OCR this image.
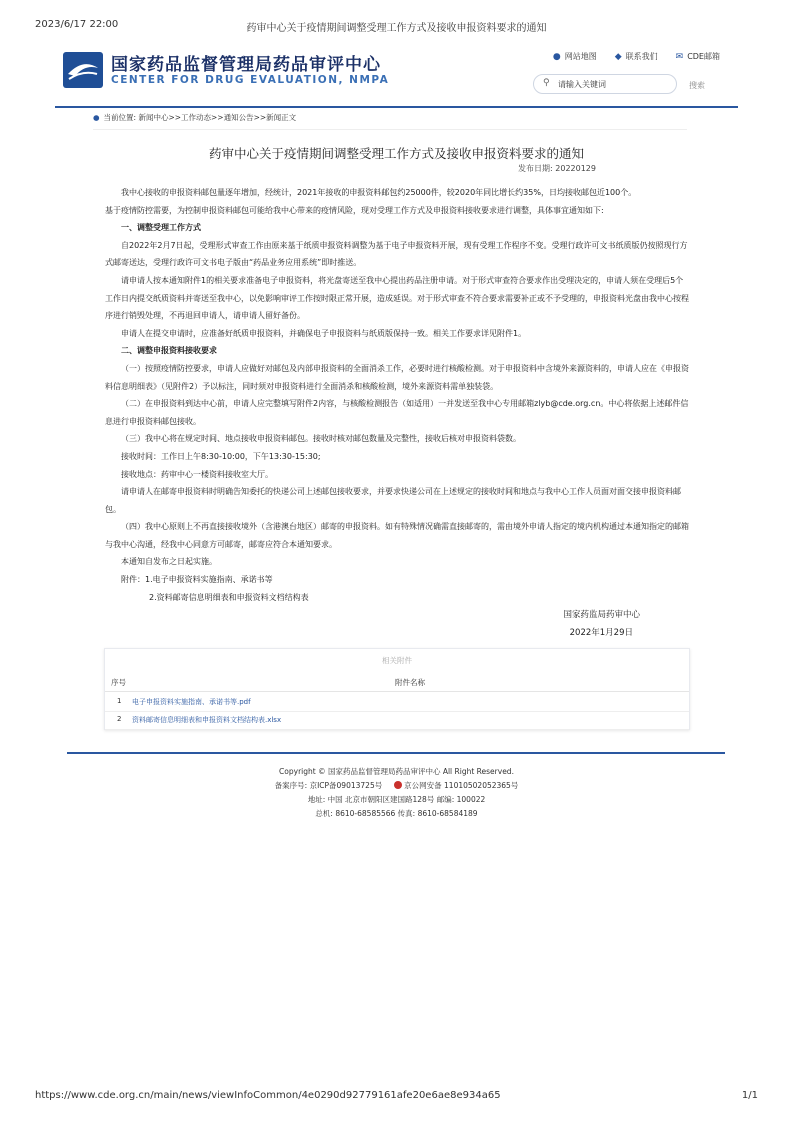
2023/6/17 22:00	药审中心关于疫情期间调整受理工作方式及接收申报资料要求的通知
国家药品监督管理局药品审评中心
CENTER FOR DRUG EVALUATION, NMPA
● 网站地图 ◆ 联系我们 ✉ CDE邮箱
⚲ 请输入关键词	搜索
● 当前位置: 新闻中心>>工作动态>>通知公告>>新闻正文
药审中心关于疫情期间调整受理工作方式及接收申报资料要求的通知
发布日期: 20220129

我中心接收的申报资料邮包量逐年增加，经统计，2021年接收的申报资料邮包约25000件，较2020年同比增长约35%，日均接收邮包近100个。

基于疫情防控需要，为控制申报资料邮包可能给我中心带来的疫情风险，现对受理工作方式及申报资料接收要求进行调整，具体事宜通知如下:

一、调整受理工作方式

自2022年2月7日起，受理形式审查工作由原来基于纸质申报资料调整为基于电子申报资料开展，现有受理工作程序不变。受理行政许可文书纸质版仍按照现行方式邮寄送达，受理行政许可文书电子版由“药品业务应用系统”即时推送。

请申请人按本通知附件1的相关要求准备电子申报资料，将光盘寄送至我中心提出药品注册申请。对于形式审查符合要求作出受理决定的，申请人须在受理后5个工作日内提交纸质资料并寄送至我中心，以免影响审评工作按时限正常开展，造成延误。对于形式审查不符合要求需要补正或不予受理的，申报资料光盘由我中心按程序进行销毁处理，不再退回申请人，请申请人留好备份。

申请人在提交申请时，应准备好纸质申报资料，并确保电子申报资料与纸质版保持一致。相关工作要求详见附件1。

二、调整申报资料接收要求

（一）按照疫情防控要求，申请人应做好对邮包及内部申报资料的全面消杀工作，必要时进行核酸检测。对于申报资料中含境外来源资料的，申请人应在《申报资料信息明细表》（见附件2）予以标注，同时须对申报资料进行全面消杀和核酸检测，境外来源资料需单独装袋。

（二）在申报资料到达中心前，申请人应完整填写附件2内容，与核酸检测报告（如适用）一并发送至我中心专用邮箱zlyb@cde.org.cn。中心将依据上述邮件信息进行申报资料邮包接收。

（三）我中心将在规定时间、地点接收申报资料邮包。接收时核对邮包数量及完整性，接收后核对申报资料袋数。

接收时间：工作日上午8:30-10:00，下午13:30-15:30;

接收地点：药审中心一楼资料接收室大厅。

请申请人在邮寄申报资料时明确告知委托的快递公司上述邮包接收要求，并要求快递公司在上述规定的接收时间和地点与我中心工作人员面对面交接申报资料邮包。

（四）我中心原则上不再直接接收境外（含港澳台地区）邮寄的申报资料。如有特殊情况确需直接邮寄的，需由境外申请人指定的境内机构通过本通知指定的邮箱与我中心沟通，经我中心同意方可邮寄，邮寄应符合本通知要求。

本通知自发布之日起实施。

附件：1.电子申报资料实施指南、承诺书等

2.资料邮寄信息明细表和申报资料文档结构表

国家药监局药审中心
2022年1月29日
相关附件
序号	附件名称
1 电子申报资料实施指南、承诺书等.pdf
2 资料邮寄信息明细表和申报资料文档结构表.xlsx
Copyright © 国家药品监督管理局药品审评中心 All Right Reserved.
备案序号: 京ICP备09013725号	京公网安备 11010502052365号
地址: 中国 北京市朝阳区建国路128号 邮编: 100022
总机: 8610-68585566 传真: 8610-68584189
https://www.cde.org.cn/main/news/viewInfoCommon/4e0290d92779161afe20e6ae8e934a65	1/1
